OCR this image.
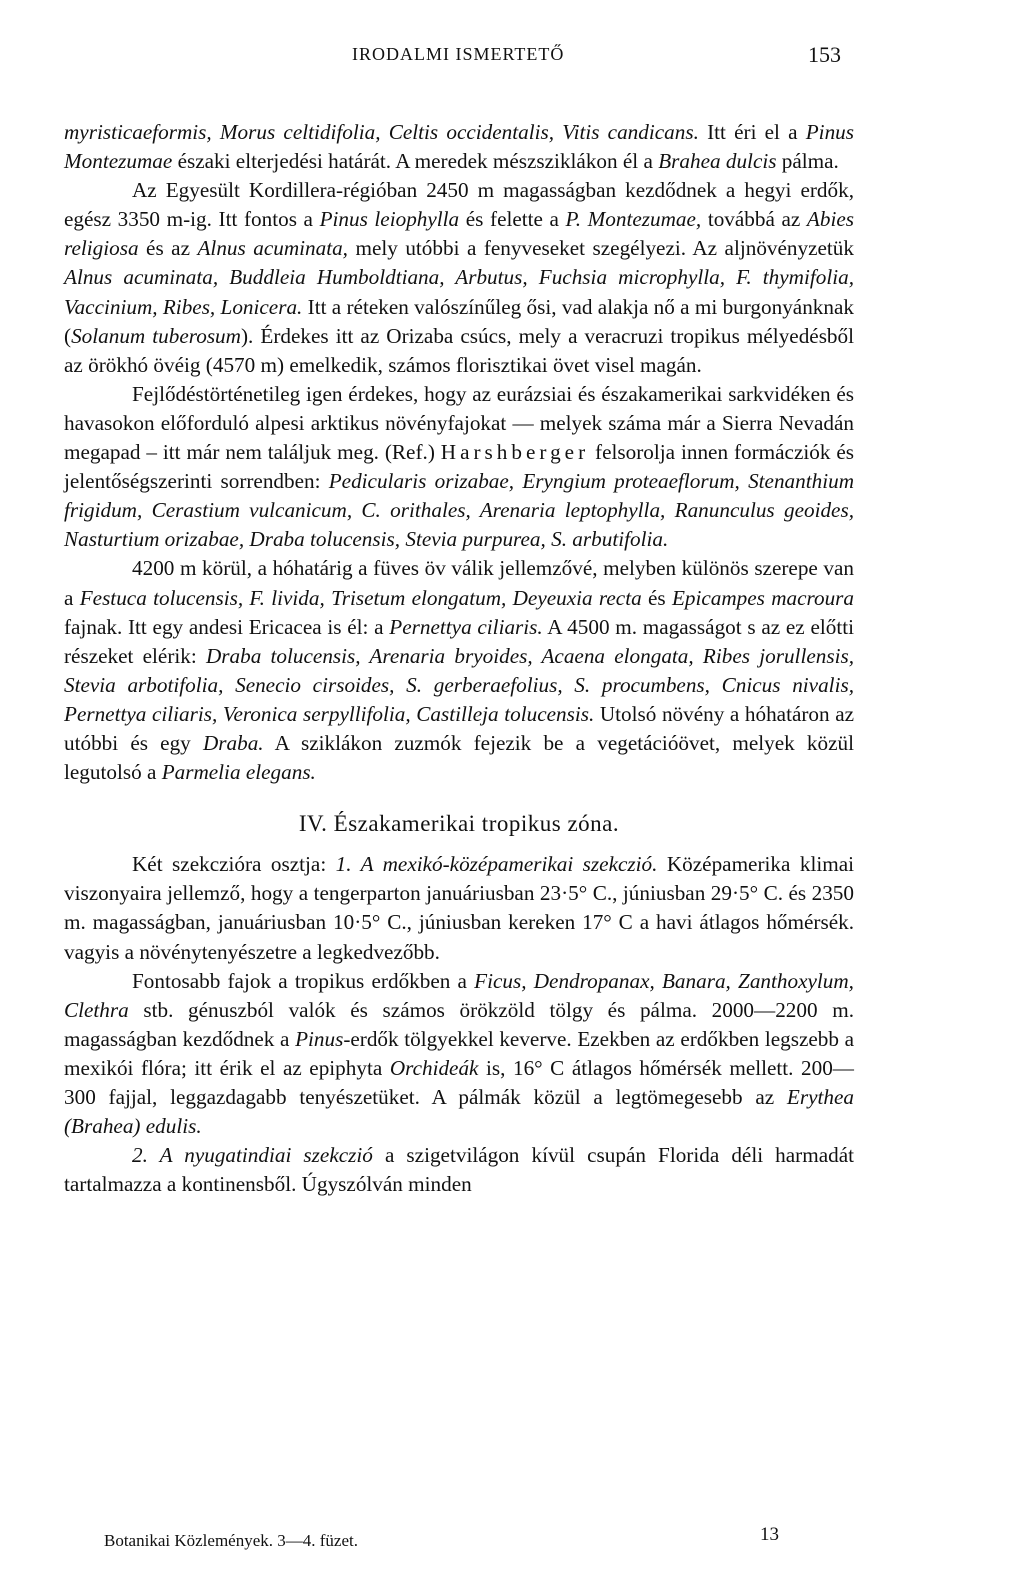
IRODALMI ISMERTETŐ	153

myristicaeformis, Morus celtidifolia, Celtis occidentalis, Vitis candicans. Itt éri el a Pinus Montezumae északi elterjedési határát. A meredek mészsziklákon él a Brahea dulcis pálma.

Az Egyesült Kordillera-régióban 2450 m magasságban kezdődnek a hegyi erdők, egész 3350 m-ig. Itt fontos a Pinus leiophylla és felette a P. Montezumae, továbbá az Abies religiosa és az Alnus acuminata, mely utóbbi a fenyveseket szegélyezi. Az aljnövényzetük Alnus acuminata, Buddleia Humboldtiana, Arbutus, Fuchsia microphylla, F. thymifolia, Vaccinium, Ribes, Lonicera. Itt a réteken valószínűleg ősi, vad alakja nő a mi burgonyánknak (Solanum tuberosum). Érdekes itt az Orizaba csúcs, mely a veracruzi tropikus mélyedésből az örökhó övéig (4570 m) emelkedik, számos florisztikai övet visel magán.

Fejlődéstörténetileg igen érdekes, hogy az eurázsiai és északamerikai sarkvidéken és havasokon előforduló alpesi arktikus növényfajokat — melyek száma már a Sierra Nevadán megapad – itt már nem találjuk meg. (Ref.) Harshberger felsorolja innen formácziók és jelentőségszerinti sorrendben: Pedicularis orizabae, Eryngium proteaeflorum, Stenanthium frigidum, Cerastium vulcanicum, C. orithales, Arenaria leptophylla, Ranunculus geoides, Nasturtium orizabae, Draba tolucensis, Stevia purpurea, S. arbutifolia.

4200 m körül, a hóhatárig a füves öv válik jellemzővé, melyben különös szerepe van a Festuca tolucensis, F. livida, Trisetum elongatum, Deyeuxia recta és Epicampes macroura fajnak. Itt egy andesi Ericacea is él: a Pernettya ciliaris. A 4500 m. magasságot s az ez előtti részeket elérik: Draba tolucensis, Arenaria bryoides, Acaena elongata, Ribes jorullensis, Stevia arbotifolia, Senecio cirsoides, S. gerberaefolius, S. procumbens, Cnicus nivalis, Pernettya ciliaris, Veronica serpyllifolia, Castilleja tolucensis. Utolsó növény a hóhatáron az utóbbi és egy Draba. A sziklákon zuzmók fejezik be a vegetációövet, melyek közül legutolsó a Parmelia elegans.

IV. Északamerikai tropikus zóna.

Két szekczióra osztja: 1. A mexikó-középamerikai szekczió. Középamerika klimai viszonyaira jellemző, hogy a tengerparton januáriusban 23·5° C., júniusban 29·5° C. és 2350 m. magasságban, januáriusban 10·5° C., júniusban kereken 17° C a havi átlagos hőmérsék. vagyis a növénytenyészetre a legkedvezőbb.

Fontosabb fajok a tropikus erdőkben a Ficus, Dendropanax, Banara, Zanthoxylum, Clethra stb. génuszból valók és számos örökzöld tölgy és pálma. 2000—2200 m. magasságban kezdődnek a Pinus-erdők tölgyekkel keverve. Ezekben az erdőkben legszebb a mexikói flóra; itt érik el az epiphyta Orchideák is, 16° C átlagos hőmérsék mellett. 200—300 fajjal, leggazdagabb tenyészetüket. A pálmák közül a legtömegesebb az Erythea (Brahea) edulis.

2. A nyugatindiai szekczió a szigetvilágon kívül csupán Florida déli harmadát tartalmazza a kontinensből. Úgyszólván minden

Botanikai Közlemények. 3—4. füzet.	13
